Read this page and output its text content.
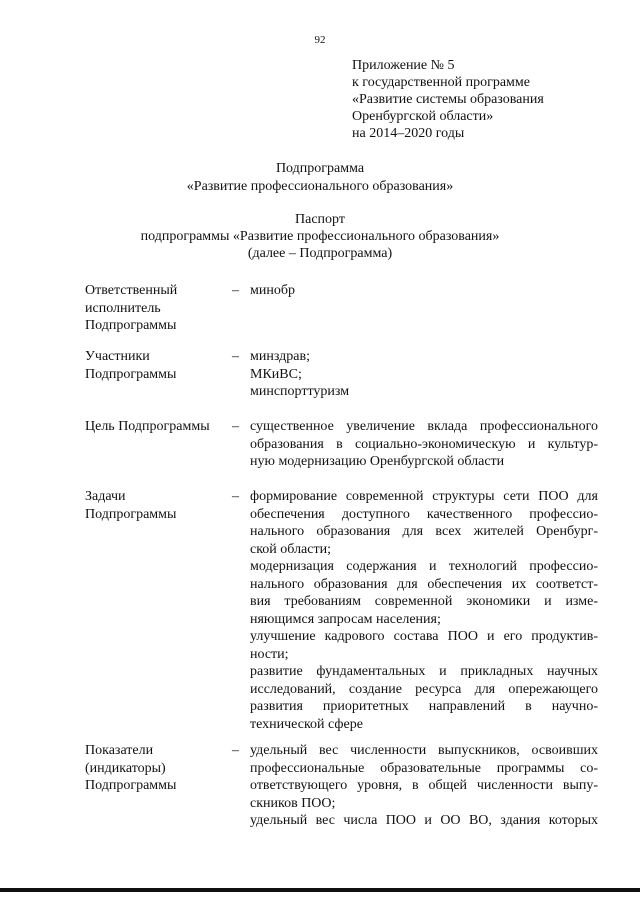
92
Приложение № 5
к государственной программе
«Развитие системы образования
Оренбургской области»
на 2014–2020 годы
Подпрограмма
«Развитие профессионального образования»
Паспорт
подпрограммы «Развитие профессионального образования»
(далее – Подпрограмма)
Ответственный
исполнитель
Подпрограммы
– минобр
Участники
Подпрограммы
– минздрав;
МКиВС;
минспорттуризм
Цель Подпрограммы	– существенное увеличение вклада профессионального
образования в социально-экономическую и культур-
ную модернизацию Оренбургской области
Задачи
Подпрограммы
– формирование современной структуры сети ПОО для
обеспечения доступного качественного профессио-
нального образования для всех жителей Оренбург-
ской области;
модернизация содержания и технологий профессио-
нального образования для обеспечения их соответст-
вия требованиям современной экономики и изме-
няющимся запросам населения;
улучшение кадрового состава ПОО и его продуктив-
ности;
развитие фундаментальных и прикладных научных
исследований, создание ресурса для опережающего
развития приоритетных направлений в научно-
технической сфере
Показатели
(индикаторы)
Подпрограммы
– удельный вес численности выпускников, освоивших
профессиональные образовательные программы со-
ответствующего уровня, в общей численности выпу-
скников ПОО;
удельный вес числа ПОО и ОО ВО, здания которых
